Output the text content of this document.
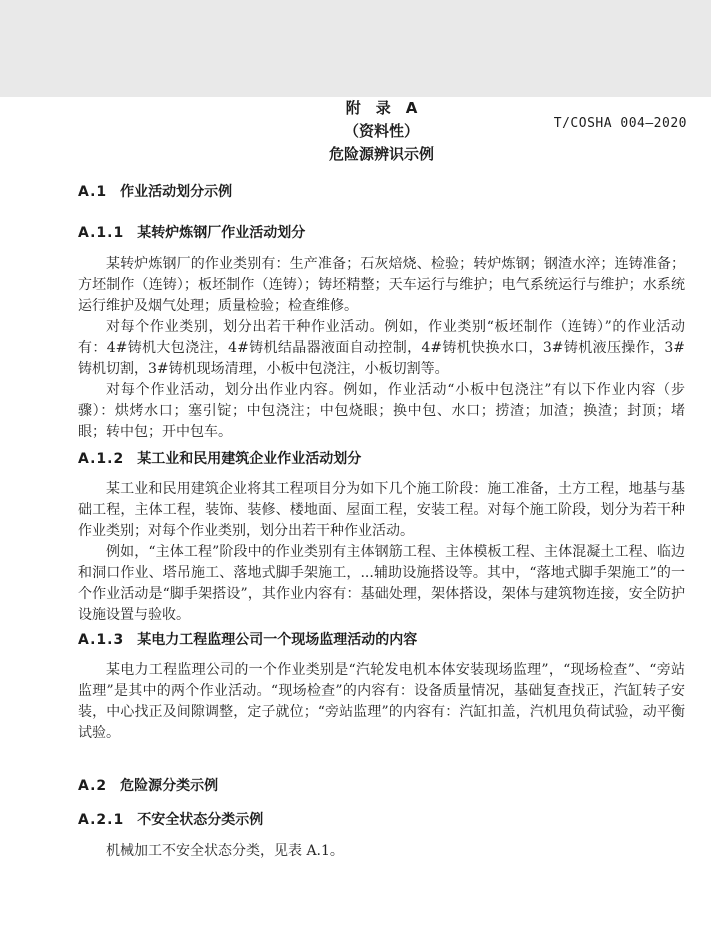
T/COSHA 004—2020
附　录　A
（资料性）
危险源辨识示例
A.1 作业活动划分示例
A.1.1 某转炉炼钢厂作业活动划分

某转炉炼钢厂的作业类别有：生产准备；石灰焙烧、检验；转炉炼钢；钢渣水淬；连铸准备；方坯制作（连铸）；板坯制作（连铸）；铸坯精整；天车运行与维护；电气系统运行与维护；水系统运行维护及烟气处理；质量检验；检查维修。

对每个作业类别，划分出若干种作业活动。例如，作业类别“板坯制作（连铸）”的作业活动有：4#铸机大包浇注，4#铸机结晶器液面自动控制，4#铸机快换水口，3#铸机液压操作，3#铸机切割，3#铸机现场清理，小板中包浇注，小板切割等。

对每个作业活动，划分出作业内容。例如，作业活动“小板中包浇注”有以下作业内容（步骤）：烘烤水口；塞引锭；中包浇注；中包烧眼；换中包、水口；捞渣；加渣；换渣；封顶；堵眼；转中包；开中包车。

A.1.2 某工业和民用建筑企业作业活动划分

某工业和民用建筑企业将其工程项目分为如下几个施工阶段：施工准备，土方工程，地基与基础工程，主体工程，装饰、装修、楼地面、屋面工程，安装工程。对每个施工阶段，划分为若干种作业类别；对每个作业类别，划分出若干种作业活动。

例如，“主体工程”阶段中的作业类别有主体钢筋工程、主体模板工程、主体混凝土工程、临边和洞口作业、塔吊施工、落地式脚手架施工，...辅助设施搭设等。其中，“落地式脚手架施工”的一个作业活动是“脚手架搭设”，其作业内容有：基础处理，架体搭设，架体与建筑物连接，安全防护设施设置与验收。

A.1.3 某电力工程监理公司一个现场监理活动的内容

某电力工程监理公司的一个作业类别是“汽轮发电机本体安装现场监理”，“现场检查”、“旁站监理”是其中的两个作业活动。“现场检查”的内容有：设备质量情况，基础复查找正，汽缸转子安装，中心找正及间隙调整，定子就位；“旁站监理”的内容有：汽缸扣盖，汽机甩负荷试验，动平衡试验。

A.2 危险源分类示例
A.2.1 不安全状态分类示例

机械加工不安全状态分类，见表 A.1。
